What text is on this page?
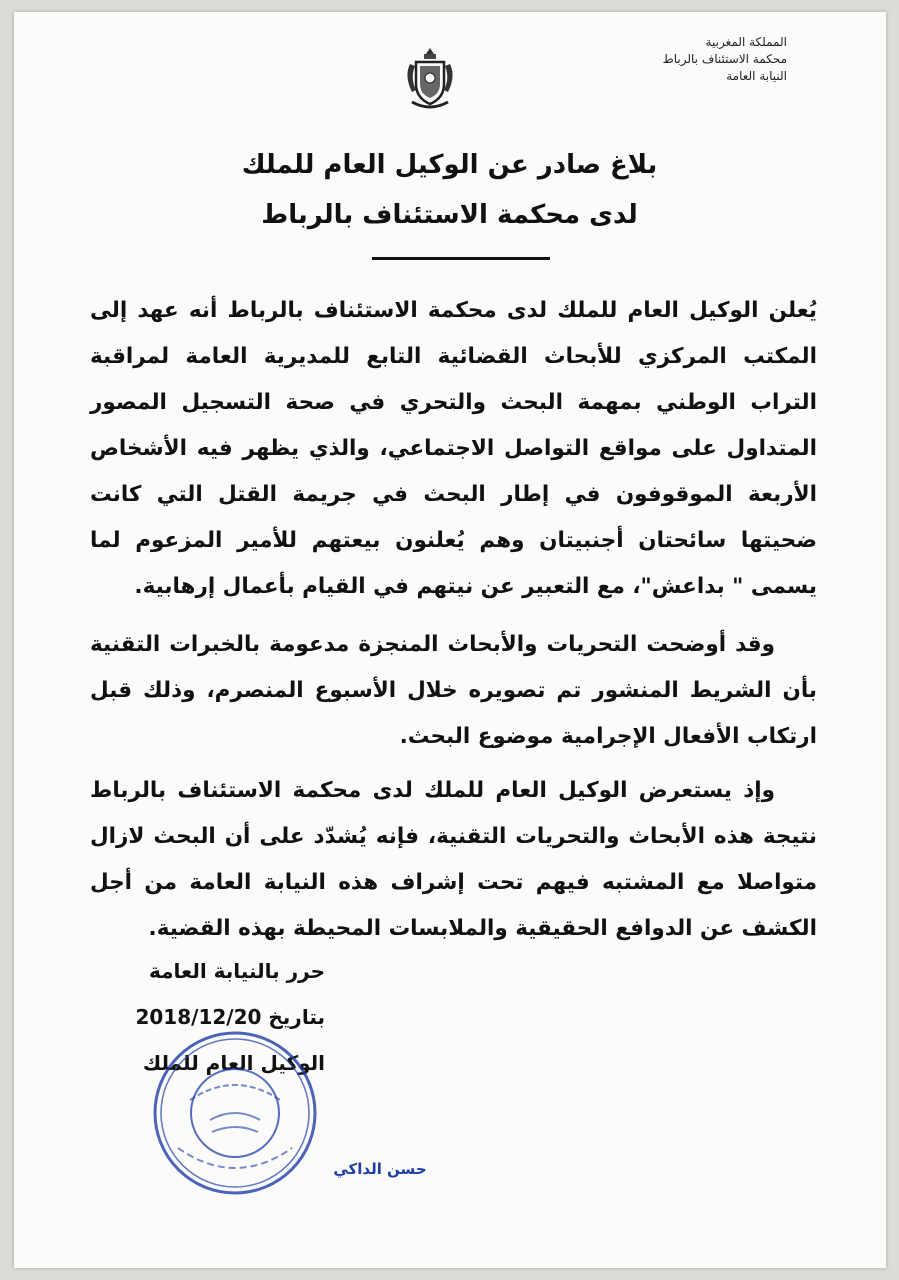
المملكة المغربية
محكمة الاستئناف بالرباط
النيابة العامة
بلاغ صادر عن الوكيل العام للملك
لدى محكمة الاستئناف بالرباط

يُعلن الوكيل العام للملك لدى محكمة الاستئناف بالرباط أنه عهد إلى المكتب المركزي للأبحاث القضائية التابع للمديرية العامة لمراقبة التراب الوطني بمهمة البحث والتحري في صحة التسجيل المصور المتداول على مواقع التواصل الاجتماعي، والذي يظهر فيه الأشخاص الأربعة الموقوفون في إطار البحث في جريمة القتل التي كانت ضحيتها سائحتان أجنبيتان وهم يُعلنون بيعتهم للأمير المزعوم لما يسمى " بداعش"، مع التعبير عن نيتهم في القيام بأعمال إرهابية.

وقد أوضحت التحريات والأبحاث المنجزة مدعومة بالخبرات التقنية بأن الشريط المنشور تم تصويره خلال الأسبوع المنصرم، وذلك قبل ارتكاب الأفعال الإجرامية موضوع البحث.

وإذ يستعرض الوكيل العام للملك لدى محكمة الاستئناف بالرباط نتيجة هذه الأبحاث والتحريات التقنية، فإنه يُشدّد على أن البحث لازال متواصلا مع المشتبه فيهم تحت إشراف هذه النيابة العامة من أجل الكشف عن الدوافع الحقيقية والملابسات المحيطة بهذه القضية.

حرر بالنيابة العامة
بتاريخ 2018/12/20
الوكيل العام للملك
حسن الداكي
